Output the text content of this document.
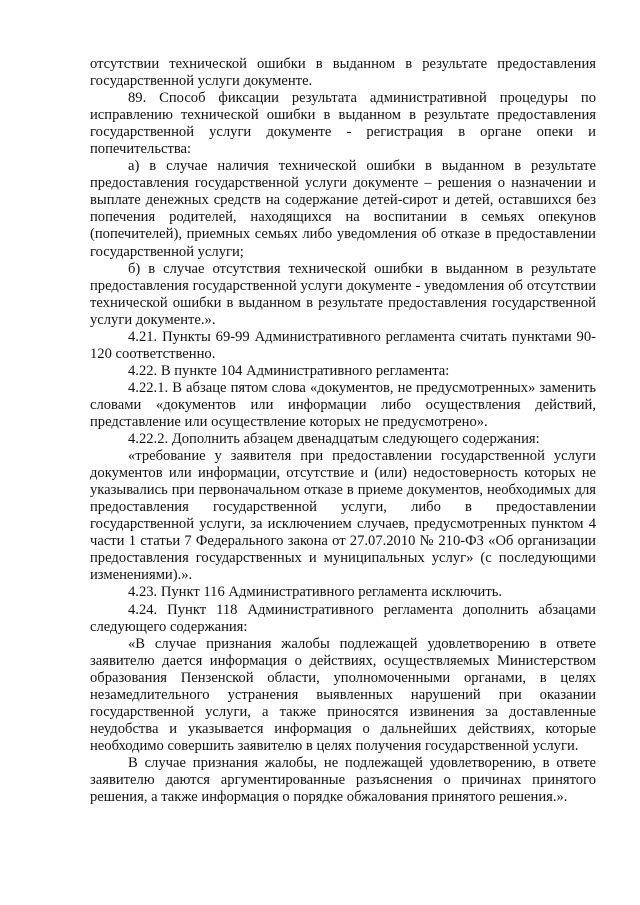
отсутствии технической ошибки в выданном в результате предоставления государственной услуги документе.

89. Способ фиксации результата административной процедуры по исправлению технической ошибки в выданном в результате предоставления государственной услуги документе - регистрация в органе опеки и попечительства:

а) в случае наличия технической ошибки в выданном в результате предоставления государственной услуги документе – решения о назначении и выплате денежных средств на содержание детей-сирот и детей, оставшихся без попечения родителей, находящихся на воспитании в семьях опекунов (попечителей), приемных семьях либо уведомления об отказе в предоставлении государственной услуги;

б) в случае отсутствия технической ошибки в выданном в результате предоставления государственной услуги документе - уведомления об отсутствии технической ошибки в выданном в результате предоставления государственной услуги документе.».

4.21. Пункты 69-99 Административного регламента считать пунктами 90-120 соответственно.

4.22. В пункте 104 Административного регламента:

4.22.1. В абзаце пятом слова «документов, не предусмотренных» заменить словами «документов или информации либо осуществления действий, представление или осуществление которых не предусмотрено».

4.22.2. Дополнить абзацем двенадцатым следующего содержания:

«требование у заявителя при предоставлении государственной услуги документов или информации, отсутствие и (или) недостоверность которых не указывались при первоначальном отказе в приеме документов, необходимых для предоставления государственной услуги, либо в предоставлении государственной услуги, за исключением случаев, предусмотренных пунктом 4 части 1 статьи 7 Федерального закона от 27.07.2010 № 210-ФЗ «Об организации предоставления государственных и муниципальных услуг» (с последующими изменениями).».

4.23. Пункт 116 Административного регламента исключить.

4.24. Пункт 118 Административного регламента дополнить абзацами следующего содержания:

«В случае признания жалобы подлежащей удовлетворению в ответе заявителю дается информация о действиях, осуществляемых Министерством образования Пензенской области, уполномоченными органами, в целях незамедлительного устранения выявленных нарушений при оказании государственной услуги, а также приносятся извинения за доставленные неудобства и указывается информация о дальнейших действиях, которые необходимо совершить заявителю в целях получения государственной услуги.

В случае признания жалобы, не подлежащей удовлетворению, в ответе заявителю даются аргументированные разъяснения о причинах принятого решения, а также информация о порядке обжалования принятого решения.».
